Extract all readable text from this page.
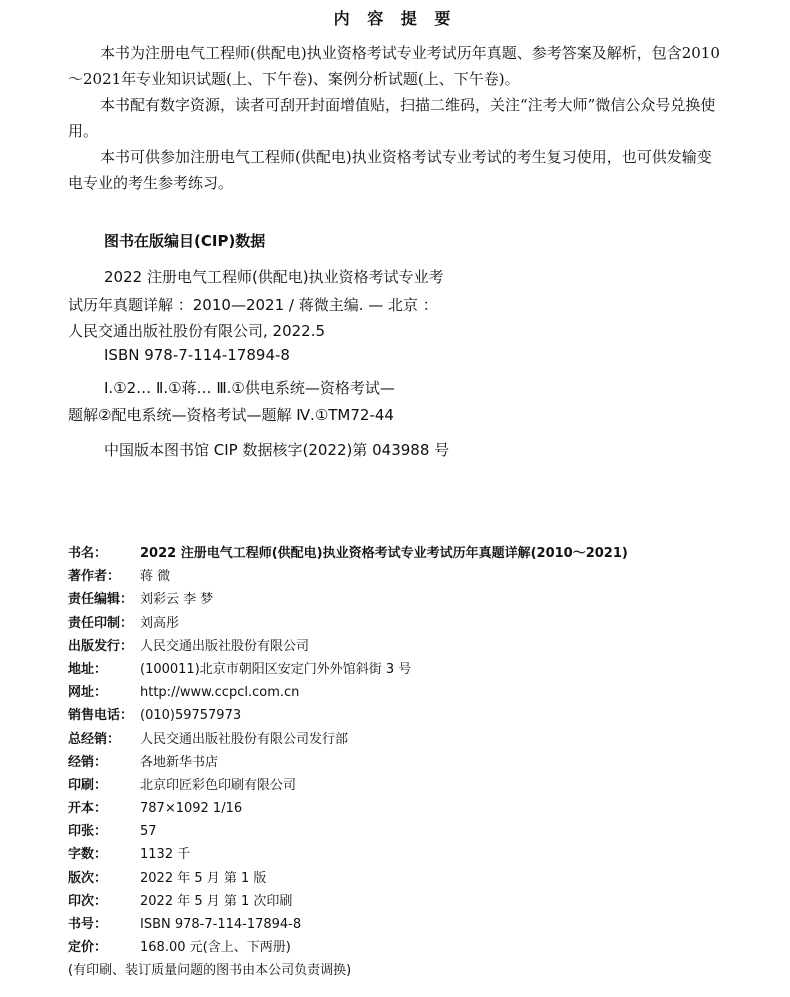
内 容 提 要
本书为注册电气工程师(供配电)执业资格考试专业考试历年真题、参考答案及解析，包含2010～2021年专业知识试题(上、下午卷)、案例分析试题(上、下午卷)。
本书配有数字资源，读者可刮开封面增值贴，扫描二维码，关注“注考大师”微信公众号兑换使用。
本书可供参加注册电气工程师(供配电)执业资格考试专业考试的考生复习使用，也可供发输变电专业的考生参考练习。
图书在版编目(CIP)数据
2022 注册电气工程师(供配电)执业资格考试专业考
试历年真题详解 ：2010—2021 / 蒋微主编. — 北京 ：
人民交通出版社股份有限公司, 2022.5
ISBN 978-7-114-17894-8
Ⅰ.①2… Ⅱ.①蒋… Ⅲ.①供电系统—资格考试—
题解②配电系统—资格考试—题解 Ⅳ.①TM72-44
中国版本图书馆 CIP 数据核字(2022)第 043988 号
书名：	2022 注册电气工程师(供配电)执业资格考试专业考试历年真题详解(2010～2021)
著作者： 蒋 微
责任编辑： 刘彩云 李 梦
责任印制： 刘高彤
出版发行： 人民交通出版社股份有限公司
地址：	(100011)北京市朝阳区安定门外外馆斜街 3 号
网址：	http://www.ccpcl.com.cn
销售电话： (010)59757973
总经销： 人民交通出版社股份有限公司发行部
经销：	各地新华书店
印刷：	北京印匠彩色印刷有限公司
开本：	787×1092 1/16
印张：	57
字数：	1132 千
版次：	2022 年 5 月 第 1 版
印次：	2022 年 5 月 第 1 次印刷
书号：	ISBN 978-7-114-17894-8
定价：	168.00 元(含上、下两册)
(有印刷、装订质量问题的图书由本公司负责调换)
